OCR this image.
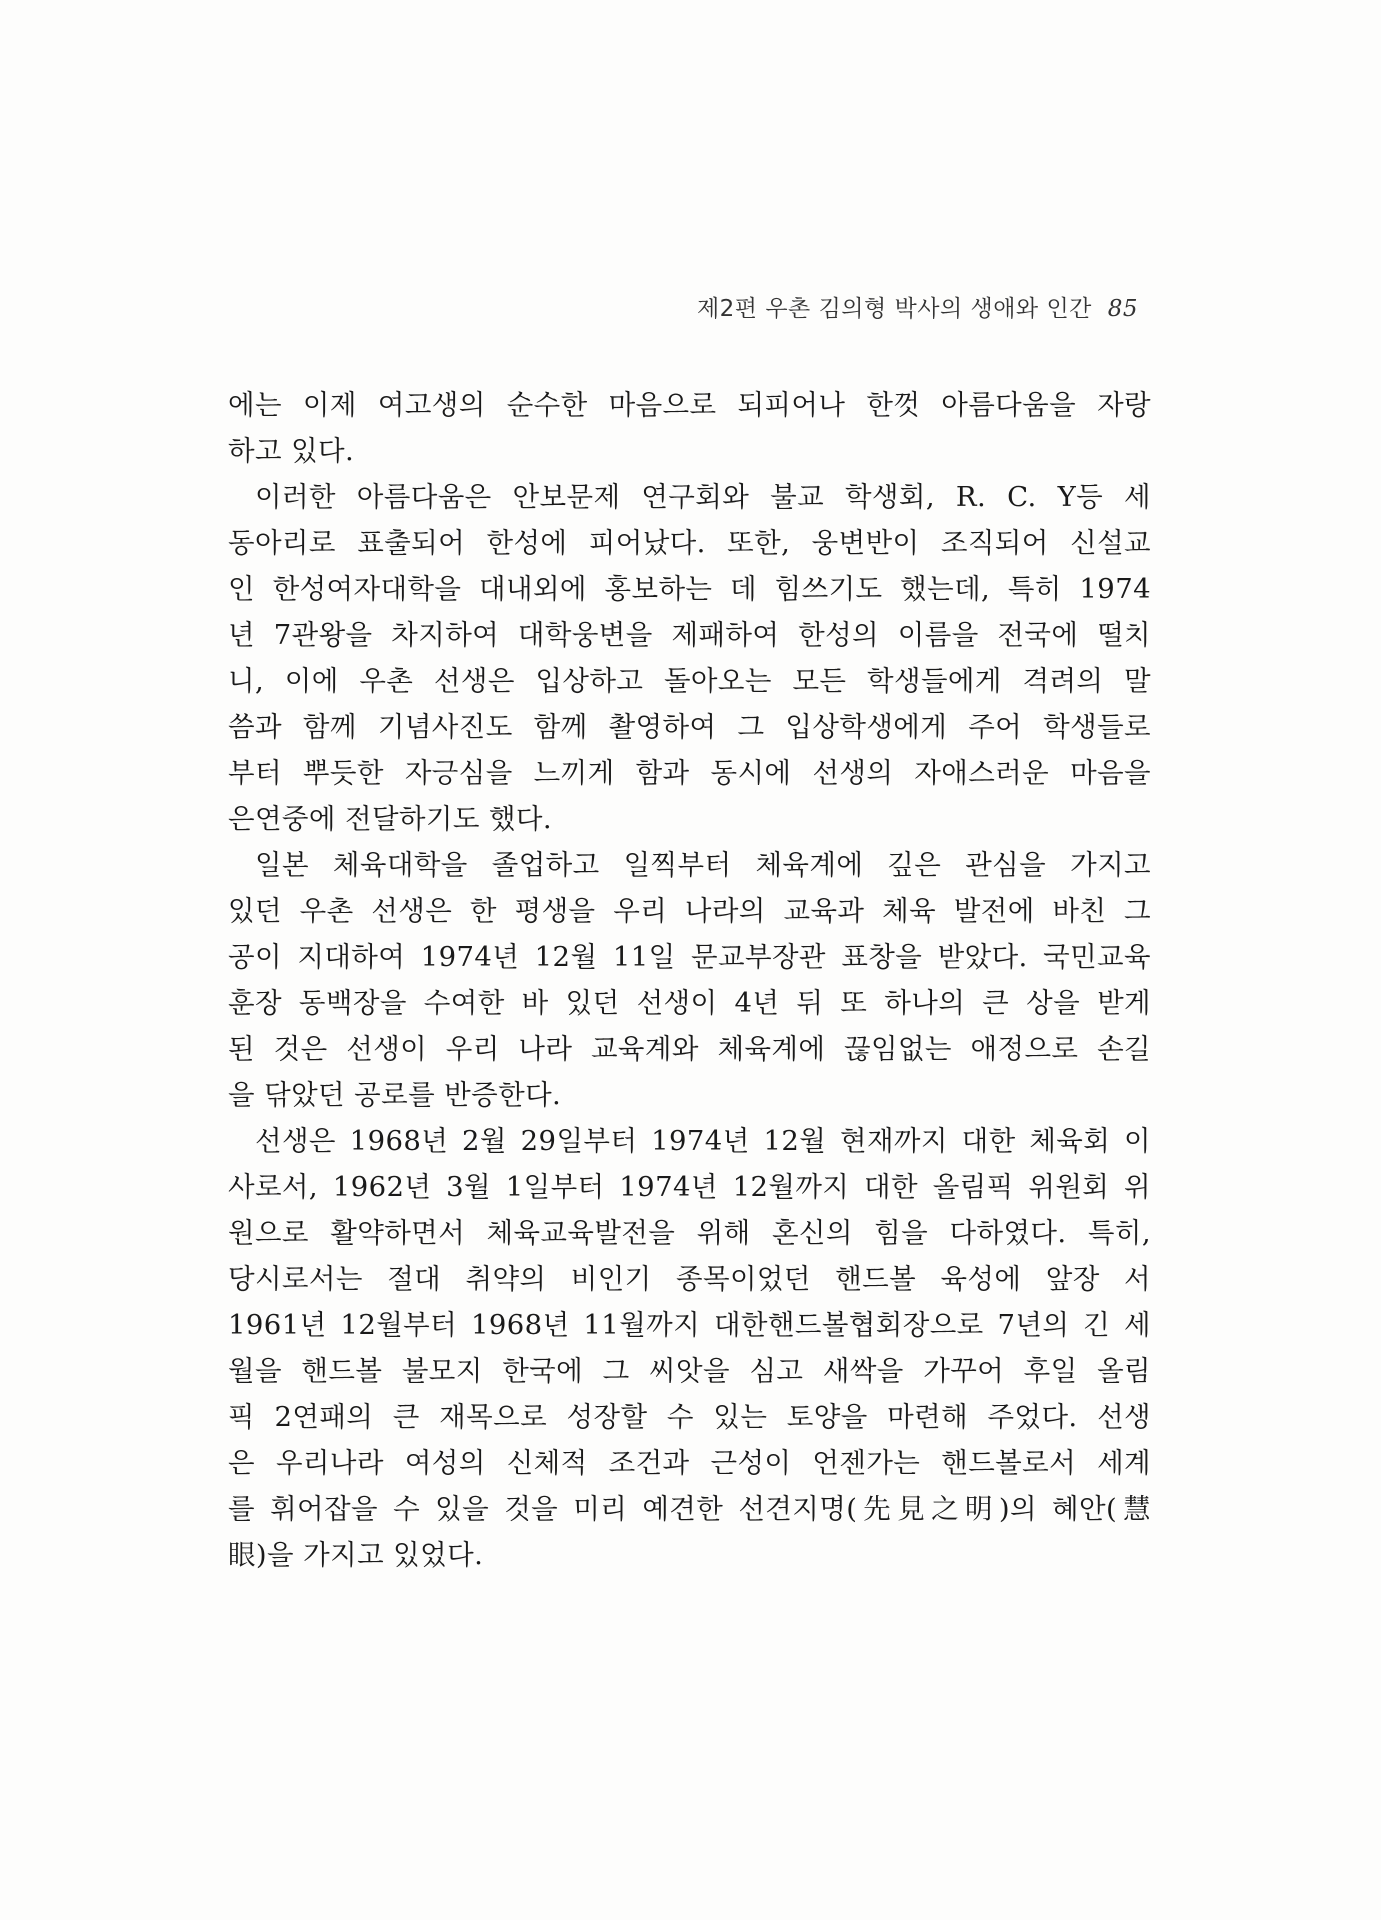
제2편 우촌 김의형 박사의 생애와 인간 85
에는 이제 여고생의 순수한 마음으로 되피어나 한껏 아름다움을 자랑
하고 있다.
이러한 아름다움은 안보문제 연구회와 불교 학생회, R. C. Y등 세
동아리로 표출되어 한성에 피어났다. 또한, 웅변반이 조직되어 신설교
인 한성여자대학을 대내외에 홍보하는 데 힘쓰기도 했는데, 특히 1974
년 7관왕을 차지하여 대학웅변을 제패하여 한성의 이름을 전국에 떨치
니, 이에 우촌 선생은 입상하고 돌아오는 모든 학생들에게 격려의 말
씀과 함께 기념사진도 함께 촬영하여 그 입상학생에게 주어 학생들로
부터 뿌듯한 자긍심을 느끼게 함과 동시에 선생의 자애스러운 마음을
은연중에 전달하기도 했다.
일본 체육대학을 졸업하고 일찍부터 체육계에 깊은 관심을 가지고
있던 우촌 선생은 한 평생을 우리 나라의 교육과 체육 발전에 바친 그
공이 지대하여 1974년 12월 11일 문교부장관 표창을 받았다. 국민교육
훈장 동백장을 수여한 바 있던 선생이 4년 뒤 또 하나의 큰 상을 받게
된 것은 선생이 우리 나라 교육계와 체육계에 끊임없는 애정으로 손길
을 닦았던 공로를 반증한다.
선생은 1968년 2월 29일부터 1974년 12월 현재까지 대한 체육회 이
사로서, 1962년 3월 1일부터 1974년 12월까지 대한 올림픽 위원회 위
원으로 활약하면서 체육교육발전을 위해 혼신의 힘을 다하였다. 특히,
당시로서는 절대 취약의 비인기 종목이었던 핸드볼 육성에 앞장 서
1961년 12월부터 1968년 11월까지 대한핸드볼협회장으로 7년의 긴 세
월을 핸드볼 불모지 한국에 그 씨앗을 심고 새싹을 가꾸어 후일 올림
픽 2연패의 큰 재목으로 성장할 수 있는 토양을 마련해 주었다. 선생
은 우리나라 여성의 신체적 조건과 근성이 언젠가는 핸드볼로서 세계
를 휘어잡을 수 있을 것을 미리 예견한 선견지명(先見之明)의 혜안(慧
眼)을 가지고 있었다.
